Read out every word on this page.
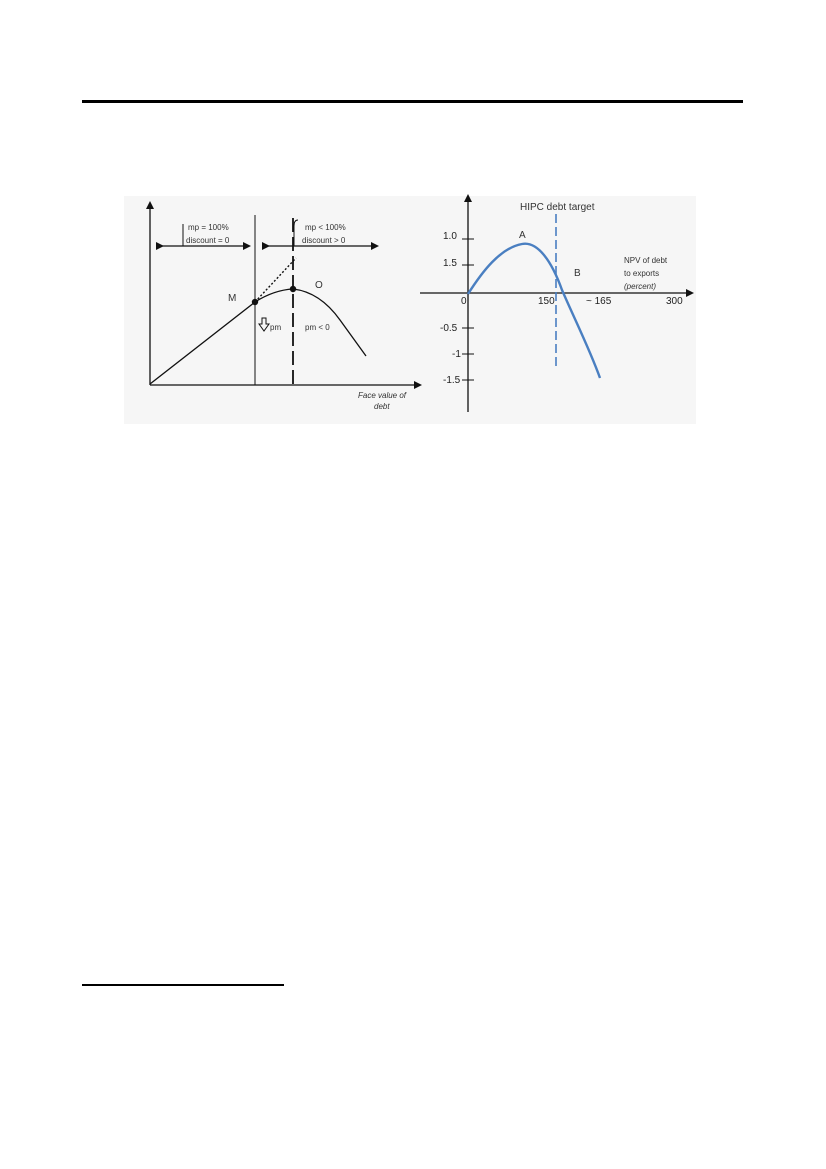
mp = 100%
discount = 0
mp < 100%
discount > 0
M
O
pm	pm < 0
Face value of
debt
HIPC debt target
A
B
NPV of debt
to exports
(percent)
0	150	~ 165	300
1.0
1.5
-0.5
-1
-1.5
